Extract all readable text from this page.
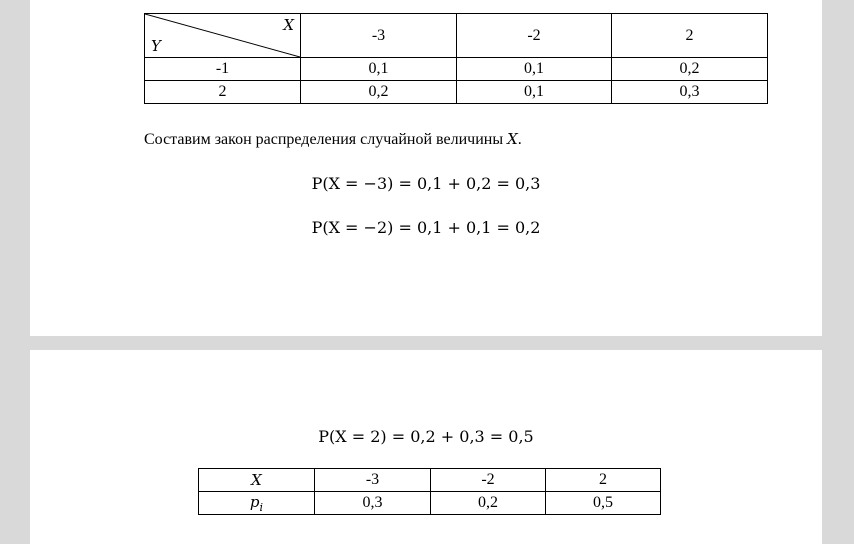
X
Y	-3	-2	2
-1	0,1	0,1	0,2
2	0,2	0,1	0,3
Составим закон распределения случайной величины X.
P(X = −3) = 0,1 + 0,2 = 0,3
P(X = −2) = 0,1 + 0,1 = 0,2
P(X = 2) = 0,2 + 0,3 = 0,5
X	-3	-2	2
$p_i$	0,3	0,2	0,5
